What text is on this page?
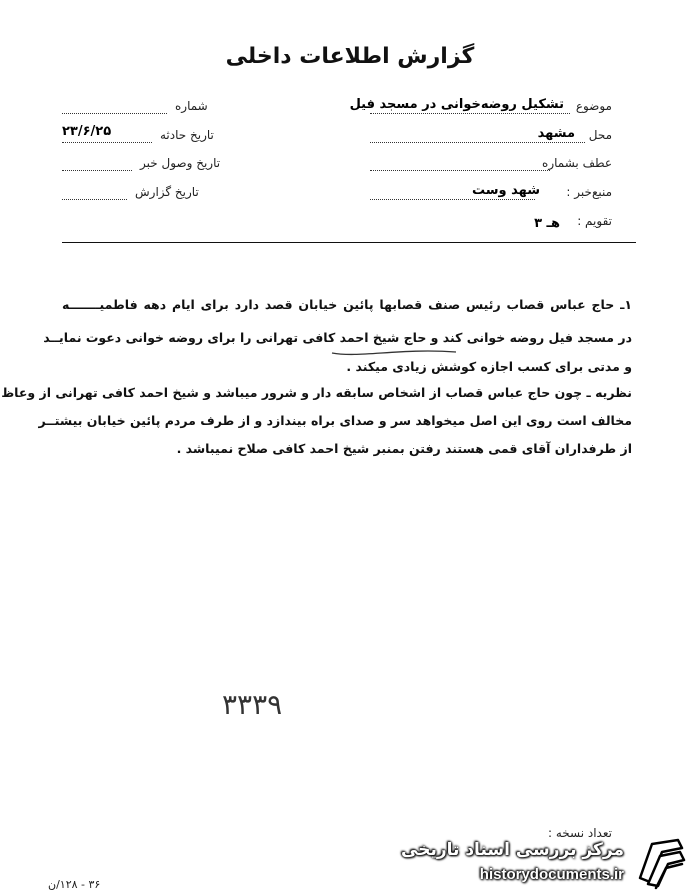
گزارش اطلاعات داخلی
موضوع
تشکیل روضه‌خوانی در مسجد فیل
محل
مشهد
عطف بشماره
منبع‌خبر :
شهد وست
تقویم :
هـ ۳
شماره
تاریخ حادثه
۲۳/۶/۲۵
تاریخ وصول خبر
تاریخ گزارش
۱ـ حاج عباس قصاب رئیس صنف قصابها پائین خیابان قصد دارد برای ایام دهه فاطمیـــــــه
در مسجد فیل روضه خوانی کند و حاج شیخ احمد کافی تهرانی را برای روضه خوانی دعوت نمایــد
و مدتی برای کسب اجازه کوشش زیادی میکند .
نظریه ـ چون حاج عباس قصاب از اشخاص سابقه دار و شرور میباشد و شیخ احمد کافی تهرانی از وعاظ
مخالف است روی این اصل میخواهد سر و صدای براه بیندازد و از طرف مردم پائین خیابان بیشتــر
از طرفداران آقای قمی هستند رفتن بمنبر شیخ احمد کافی صلاح نمیباشد .
۳۳۳۹
تعداد نسخه :
۳۶ - ۱۲۸/ن
مرکز بررسی اسناد تاریخی
historydocuments.ir
